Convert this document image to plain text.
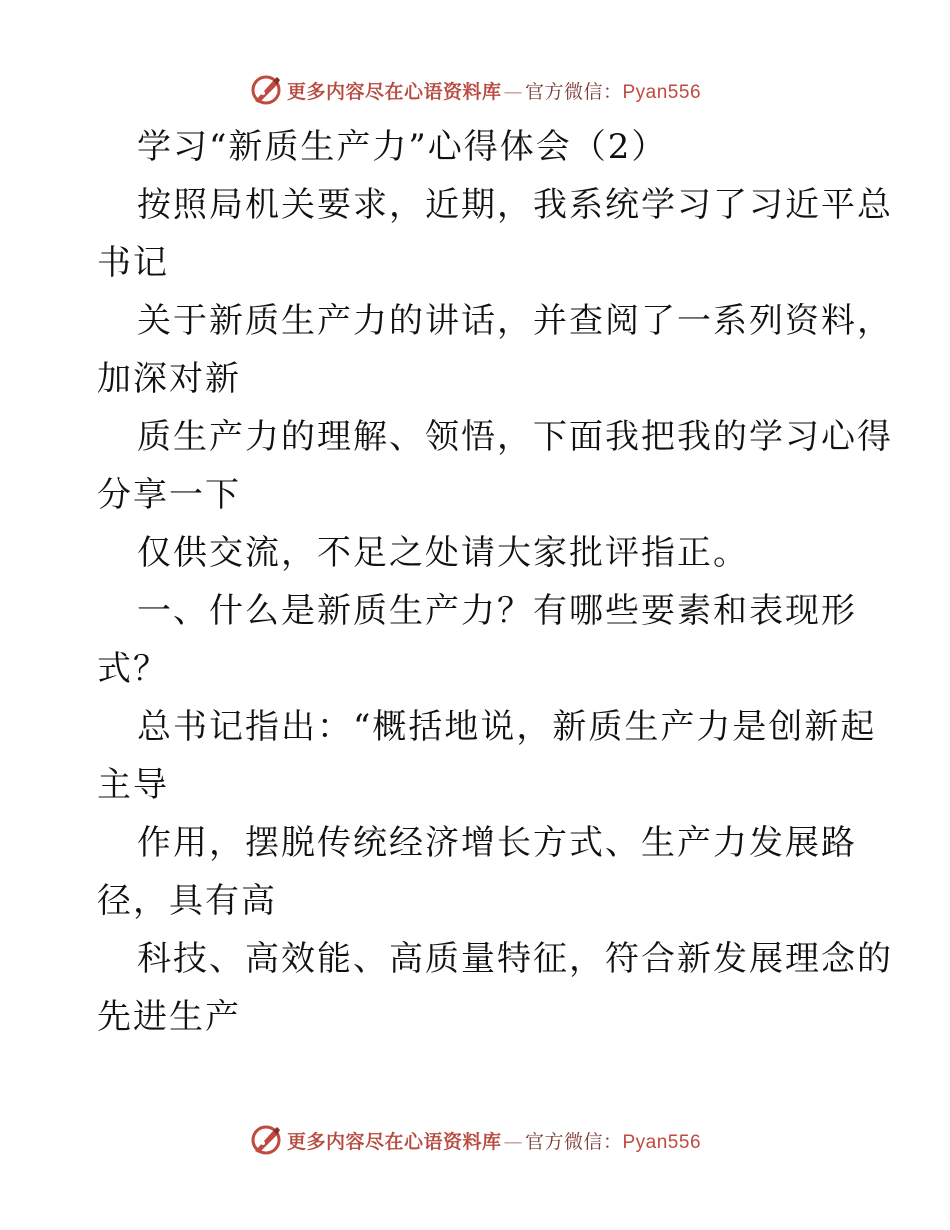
更多内容尽在心语资料库 — 官方微信：Pyan556
学习“新质生产力”心得体会（2）
按照局机关要求，近期，我系统学习了习近平总
书记
关于新质生产力的讲话，并查阅了一系列资料，
加深对新
质生产力的理解、领悟，下面我把我的学习心得
分享一下
仅供交流，不足之处请大家批评指正。
一、什么是新质生产力？有哪些要素和表现形
式？
总书记指出：“概括地说，新质生产力是创新起
主导
作用，摆脱传统经济增长方式、生产力发展路
径，具有高
科技、高效能、高质量特征，符合新发展理念的
先进生产
更多内容尽在心语资料库 — 官方微信：Pyan556
